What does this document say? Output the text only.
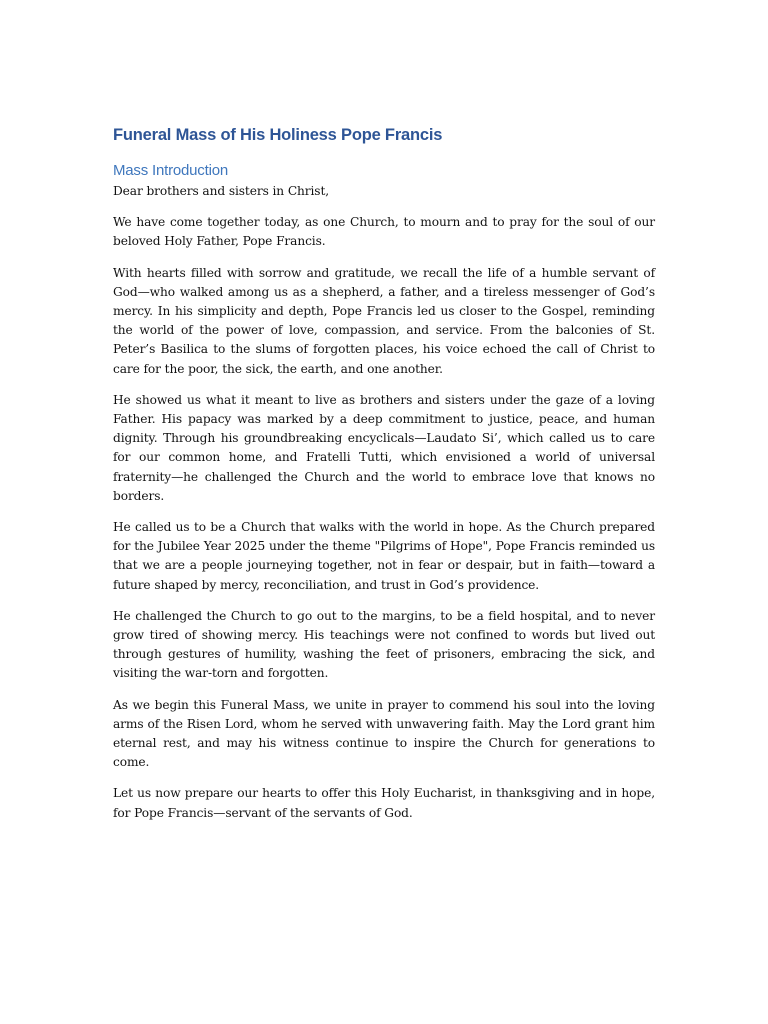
Funeral Mass of His Holiness Pope Francis
Mass Introduction

Dear brothers and sisters in Christ,

We have come together today, as one Church, to mourn and to pray for the soul of our beloved Holy Father, Pope Francis.

With hearts filled with sorrow and gratitude, we recall the life of a humble servant of God—who walked among us as a shepherd, a father, and a tireless messenger of God’s mercy. In his simplicity and depth, Pope Francis led us closer to the Gospel, reminding the world of the power of love, compassion, and service. From the balconies of St. Peter’s Basilica to the slums of forgotten places, his voice echoed the call of Christ to care for the poor, the sick, the earth, and one another.

He showed us what it meant to live as brothers and sisters under the gaze of a loving Father. His papacy was marked by a deep commitment to justice, peace, and human dignity. Through his groundbreaking encyclicals—Laudato Si’, which called us to care for our common home, and Fratelli Tutti, which envisioned a world of universal fraternity—he challenged the Church and the world to embrace love that knows no borders.

He called us to be a Church that walks with the world in hope. As the Church prepared for the Jubilee Year 2025 under the theme "Pilgrims of Hope", Pope Francis reminded us that we are a people journeying together, not in fear or despair, but in faith—toward a future shaped by mercy, reconciliation, and trust in God’s providence.

He challenged the Church to go out to the margins, to be a field hospital, and to never grow tired of showing mercy. His teachings were not confined to words but lived out through gestures of humility, washing the feet of prisoners, embracing the sick, and visiting the war-torn and forgotten.

As we begin this Funeral Mass, we unite in prayer to commend his soul into the loving arms of the Risen Lord, whom he served with unwavering faith. May the Lord grant him eternal rest, and may his witness continue to inspire the Church for generations to come.

Let us now prepare our hearts to offer this Holy Eucharist, in thanksgiving and in hope, for Pope Francis—servant of the servants of God.
